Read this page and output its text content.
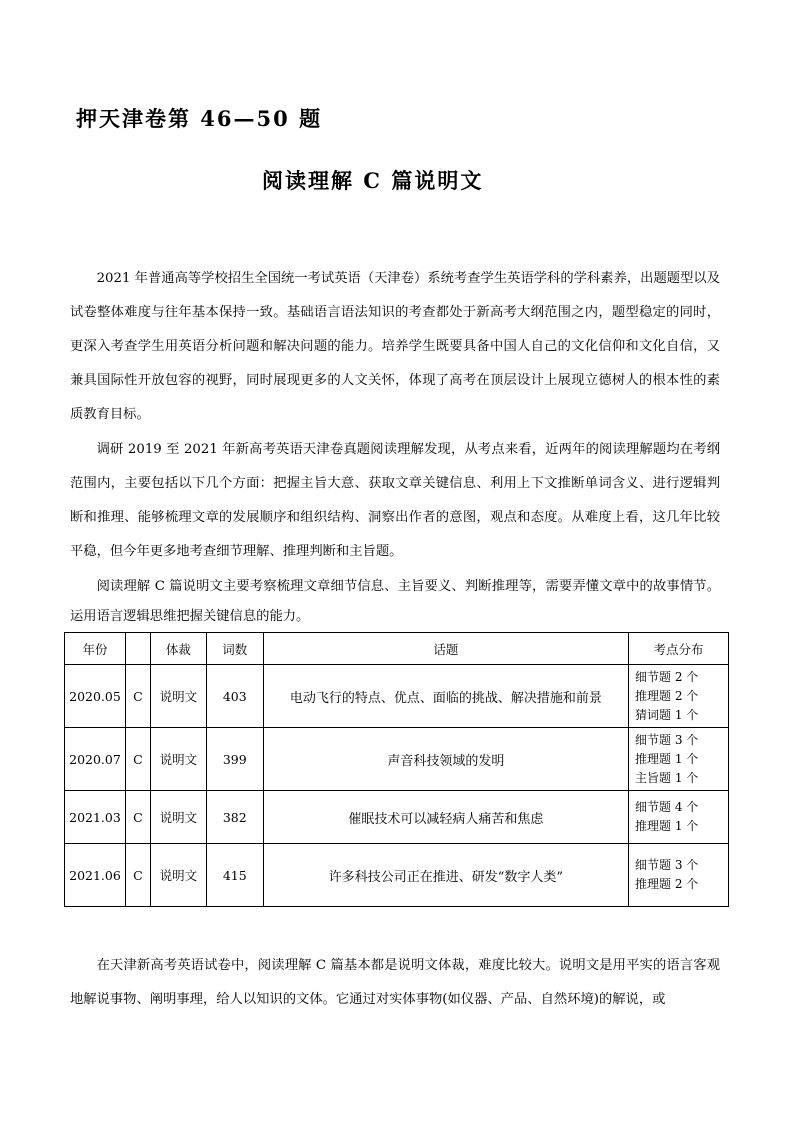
押天津卷第 46—50 题
阅读理解 C 篇说明文

2021 年普通高等学校招生全国统一考试英语（天津卷）系统考查学生英语学科的学科素养，出题题型以及试卷整体难度与往年基本保持一致。基础语言语法知识的考查都处于新高考大纲范围之内，题型稳定的同时，更深入考查学生用英语分析问题和解决问题的能力。培养学生既要具备中国人自己的文化信仰和文化自信，又兼具国际性开放包容的视野，同时展现更多的人文关怀，体现了高考在顶层设计上展现立德树人的根本性的素质教育目标。

调研 2019 至 2021 年新高考英语天津卷真题阅读理解发现，从考点来看，近两年的阅读理解题均在考纲范围内，主要包括以下几个方面：把握主旨大意、获取文章关键信息、利用上下文推断单词含义、进行逻辑判断和推理、能够梳理文章的发展顺序和组织结构、洞察出作者的意图，观点和态度。从难度上看，这几年比较平稳，但今年更多地考查细节理解、推理判断和主旨题。

阅读理解 C 篇说明文主要考察梳理文章细节信息、主旨要义、判断推理等，需要弄懂文章中的故事情节。运用语言逻辑思维把握关键信息的能力。

年份		体裁	词数	话题	考点分布
2020.05	C	说明文	403	电动飞行的特点、优点、面临的挑战、解决措施和前景	细节题 2 个
推理题 2 个
猜词题 1 个

2020.07	C	说明文	399	声音科技领域的发明	细节题 3 个
推理题 1 个
主旨题 1 个

2021.03	C	说明文	382	催眠技术可以减轻病人痛苦和焦虑	细节题 4 个
推理题 1 个

2021.06	C	说明文	415	许多科技公司正在推进、研发“数字人类”	细节题 3 个
推理题 2 个

在天津新高考英语试卷中，阅读理解 C 篇基本都是说明文体裁，难度比较大。说明文是用平实的语言客观地解说事物、阐明事理，给人以知识的文体。它通过对实体事物(如仪器、产品、自然环境)的解说，或
